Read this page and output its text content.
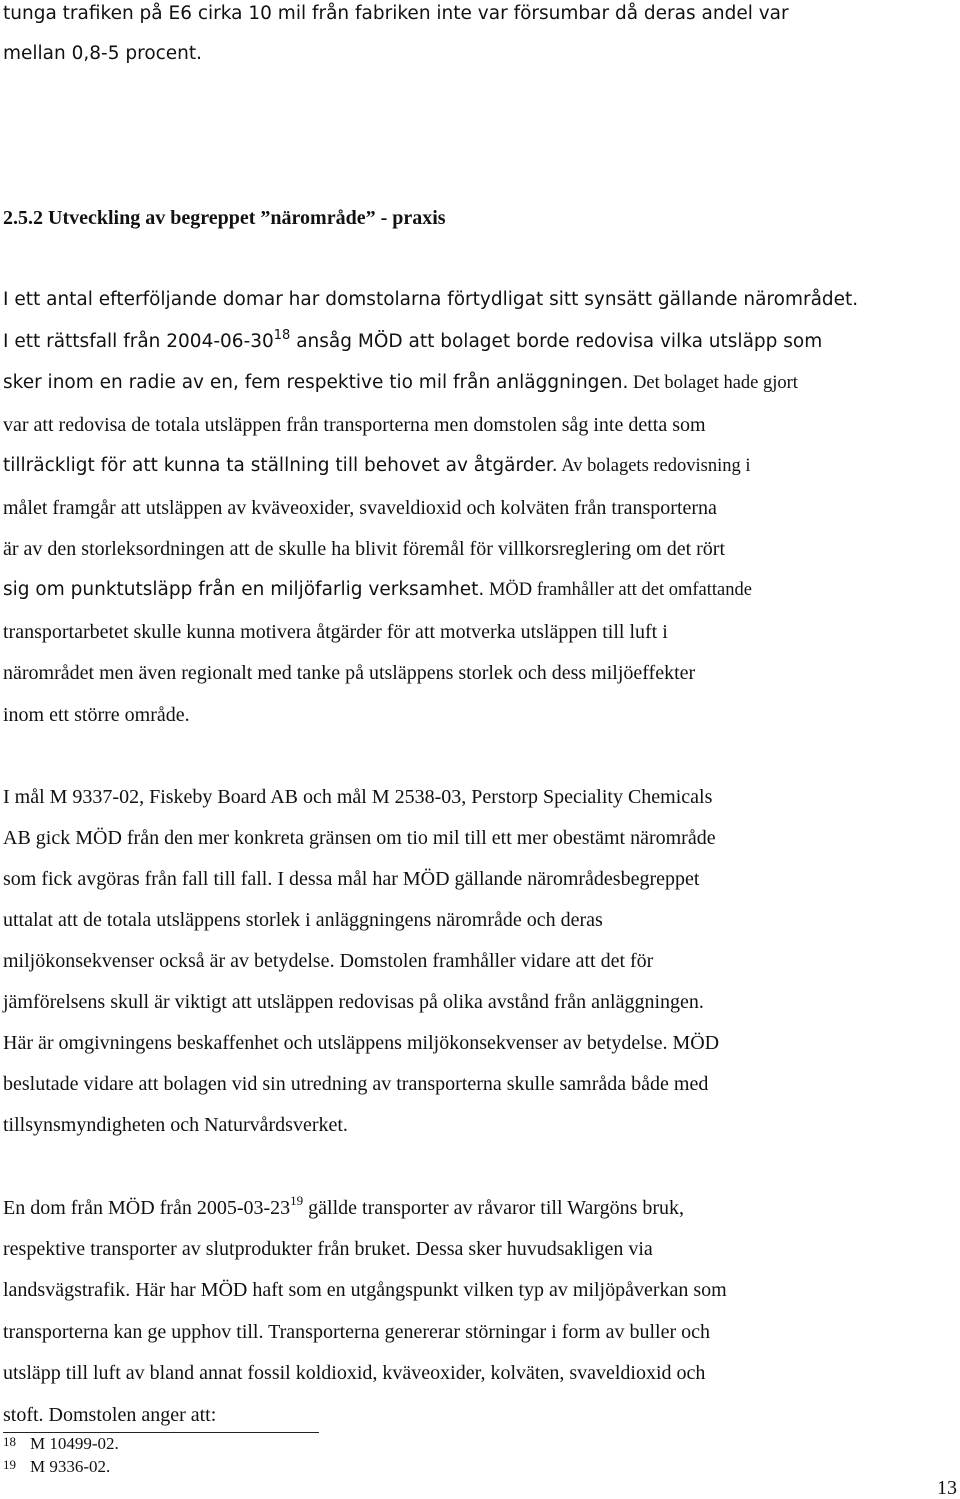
tunga trafiken på E6 cirka 10 mil från fabriken inte var försumbar då deras andel var
mellan 0,8-5 procent.
2.5.2 Utveckling av begreppet ”närområde” - praxis
I ett antal efterföljande domar har domstolarna förtydligat sitt synsätt gällande närområdet.
I ett rättsfall från $2004-06-30^{18}$ ansåg MÖD att bolaget borde redovisa vilka utsläpp som
sker inom en radie av en, fem respektive tio mil från anläggningen. Det bolaget hade gjort
var att redovisa de totala utsläppen från transporterna men domstolen såg inte detta som
tillräckligt för att kunna ta ställning till behovet av åtgärder. Av bolagets redovisning i
målet framgår att utsläppen av kväveoxider, svaveldioxid och kolväten från transporterna
är av den storleksordningen att de skulle ha blivit föremål för villkorsreglering om det rört
sig om punktutsläpp från en miljöfarlig verksamhet. MÖD framhåller att det omfattande
transportarbetet skulle kunna motivera åtgärder för att motverka utsläppen till luft i
närområdet men även regionalt med tanke på utsläppens storlek och dess miljöeffekter
inom ett större område.
I mål M 9337-02, Fiskeby Board AB och mål M 2538-03, Perstorp Speciality Chemicals
AB gick MÖD från den mer konkreta gränsen om tio mil till ett mer obestämt närområde
som fick avgöras från fall till fall. I dessa mål har MÖD gällande närområdesbegreppet
uttalat att de totala utsläppens storlek i anläggningens närområde och deras
miljökonsekvenser också är av betydelse. Domstolen framhåller vidare att det för
jämförelsens skull är viktigt att utsläppen redovisas på olika avstånd från anläggningen.
Här är omgivningens beskaffenhet och utsläppens miljökonsekvenser av betydelse. MÖD
beslutade vidare att bolagen vid sin utredning av transporterna skulle samråda både med
tillsynsmyndigheten och Naturvårdsverket.
En dom från MÖD från $2005-03-23^{19}$ gällde transporter av råvaror till Wargöns bruk,
respektive transporter av slutprodukter från bruket. Dessa sker huvudsakligen via
landsvägstrafik. Här har MÖD haft som en utgångspunkt vilken typ av miljöpåverkan som
transporterna kan ge upphov till. Transporterna genererar störningar i form av buller och
utsläpp till luft av bland annat fossil koldioxid, kväveoxider, kolväten, svaveldioxid och
stoft. Domstolen anger att:
18 M 10499-02.
19 M 9336-02.
13
